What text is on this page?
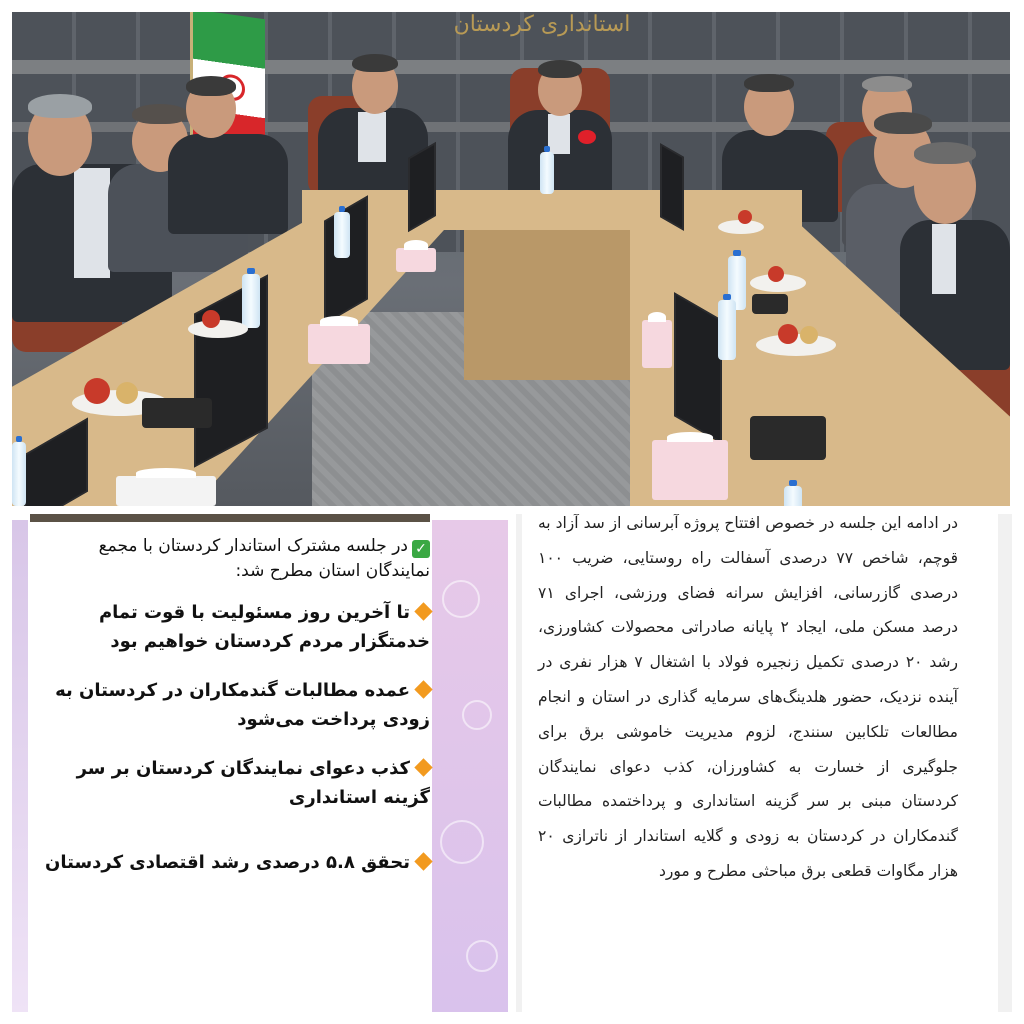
استانداری کردستان

✓در جلسه مشترک استاندار کردستان با مجمع نمایندگان استان مطرح شد:

تا آخرین روز مسئولیت با قوت تمام خدمتگزار مردم کردستان خواهیم بود

عمده مطالبات گندمکاران در کردستان به زودی پرداخت می‌شود

کذب دعوای نمایندگان کردستان بر سر گزینه استانداری

تحقق ۵.۸ درصدی رشد اقتصادی کردستان

در ادامه این جلسه در خصوص افتتاح پروژه آبرسانی از سد آزاد به قوچم، شاخص ۷۷ درصدی آسفالت راه روستایی، ضریب ۱۰۰ درصدی گازرسانی، افزایش سرانه فضای ورزشی، اجرای ۷۱ درصد مسکن ملی، ایجاد ۲ پایانه صادراتی محصولات کشاورزی، رشد ۲۰ درصدی تکمیل زنجیره فولاد با اشتغال ۷ هزار نفری در آینده نزدیک، حضور هلدینگ‌های سرمایه گذاری در استان و انجام مطالعات تلکابین سنندج، لزوم مدیریت خاموشی برق برای جلوگیری از خسارت به کشاورزان، کذب دعوای نمایندگان کردستان مبنی بر سر گزینه استانداری و پرداختمده مطالبات گندمکاران در کردستان به زودی و گلایه استاندار از ناترازی ۲۰ هزار مگاوات قطعی برق مباحثی مطرح و مورد
